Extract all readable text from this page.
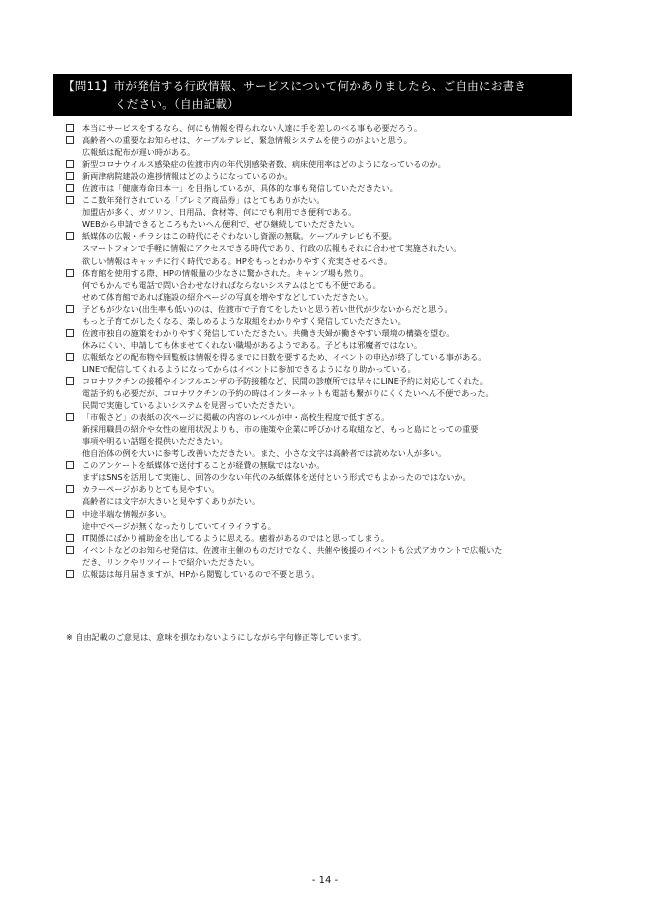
【問11】市が発信する行政情報、サービスについて何かありましたら、ご自由にお書き
ください。（自由記載）
本当にサービスをするなら、何にも情報を得られない人達に手を差しのべる事も必要だろう。
高齢者への重要なお知らせは、ケーブルテレビ、緊急情報システムを使うのがよいと思う。
広報紙は配布が遅い時がある。
新型コロナウイルス感染症の佐渡市内の年代別感染者数、病床使用率はどのようになっているのか。
新両津病院建設の進捗情報はどのようになっているのか。
佐渡市は「健康寿命日本一」を目指しているが、具体的な事も発信していただきたい。
ここ数年発行されている「プレミア商品券」はとてもありがたい。
加盟店が多く、ガソリン、日用品、食材等、何にでも利用でき便利である。
WEBから申請できるところもたいへん便利で、ぜひ継続していただきたい。
紙媒体の広報・チラシはこの時代にそぐわないし資源の無駄。ケーブルテレビも不要。
スマートフォンで手軽に情報にアクセスできる時代であり、行政の広報もそれに合わせて実施されたい。
欲しい情報はキャッチに行く時代である。HPをもっとわかりやすく充実させるべき。
体育館を使用する際、HPの情報量の少なさに驚かされた。キャンプ場も然り。
何でもかんでも電話で問い合わせなければならないシステムはとても不便である。
せめて体育館であれば施設の紹介ページの写真を増やすなどしていただきたい。
子どもが少ない(出生率も低い)のは、佐渡市で子育てをしたいと思う若い世代が少ないからだと思う。
もっと子育てがしたくなる、楽しめるような取組をわかりやすく発信していただきたい。
佐渡市独自の施策をわかりやすく発信していただきたい。共働き夫婦が働きやすい環境の構築を望む。
休みにくい、申請しても休ませてくれない職場があるようである。子どもは邪魔者ではない。
広報紙などの配布物や回覧板は情報を得るまでに日数を要するため、イベントの申込が終了している事がある。
LINEで配信してくれるようになってからはイベントに参加できるようになり助かっている。
コロナワクチンの接種やインフルエンザの予防接種など、民間の診療所では早々にLINE予約に対応してくれた。
電話予約も必要だが、コロナワクチンの予約の時はインターネットも電話も繋がりにくくたいへん不便であった。
民間で実施しているよいシステムを見習っていただきたい。
「市報さど」の表紙の次ページに掲載の内容のレベルが中・高校生程度で低すぎる。
新採用職員の紹介や女性の雇用状況よりも、市の施策や企業に呼びかける取組など、もっと島にとっての重要
事項や明るい話題を提供いただきたい。
他自治体の例を大いに参考し改善いただきたい。また、小さな文字は高齢者では読めない人が多い。
このアンケートを紙媒体で送付することが経費の無駄ではないか。
まずはSNSを活用して実施し、回答の少ない年代のみ紙媒体を送付という形式でもよかったのではないか。
カラーページがありとても見やすい。
高齢者には文字が大きいと見やすくありがたい。
中途半端な情報が多い。
途中でページが無くなったりしていてイライラする。
IT関係にばかり補助金を出してるように思える。癒着があるのではと思ってしまう。
イベントなどのお知らせ発信は、佐渡市主催のものだけでなく、共催や後援のイベントも公式アカウントで広報いた
だき、リンクやリツイートで紹介いただきたい。
広報誌は毎月届きますが、HPから閲覧しているので不要と思う。
※ 自由記載のご意見は、意味を損なわないようにしながら字句修正等しています。
- 14 -
